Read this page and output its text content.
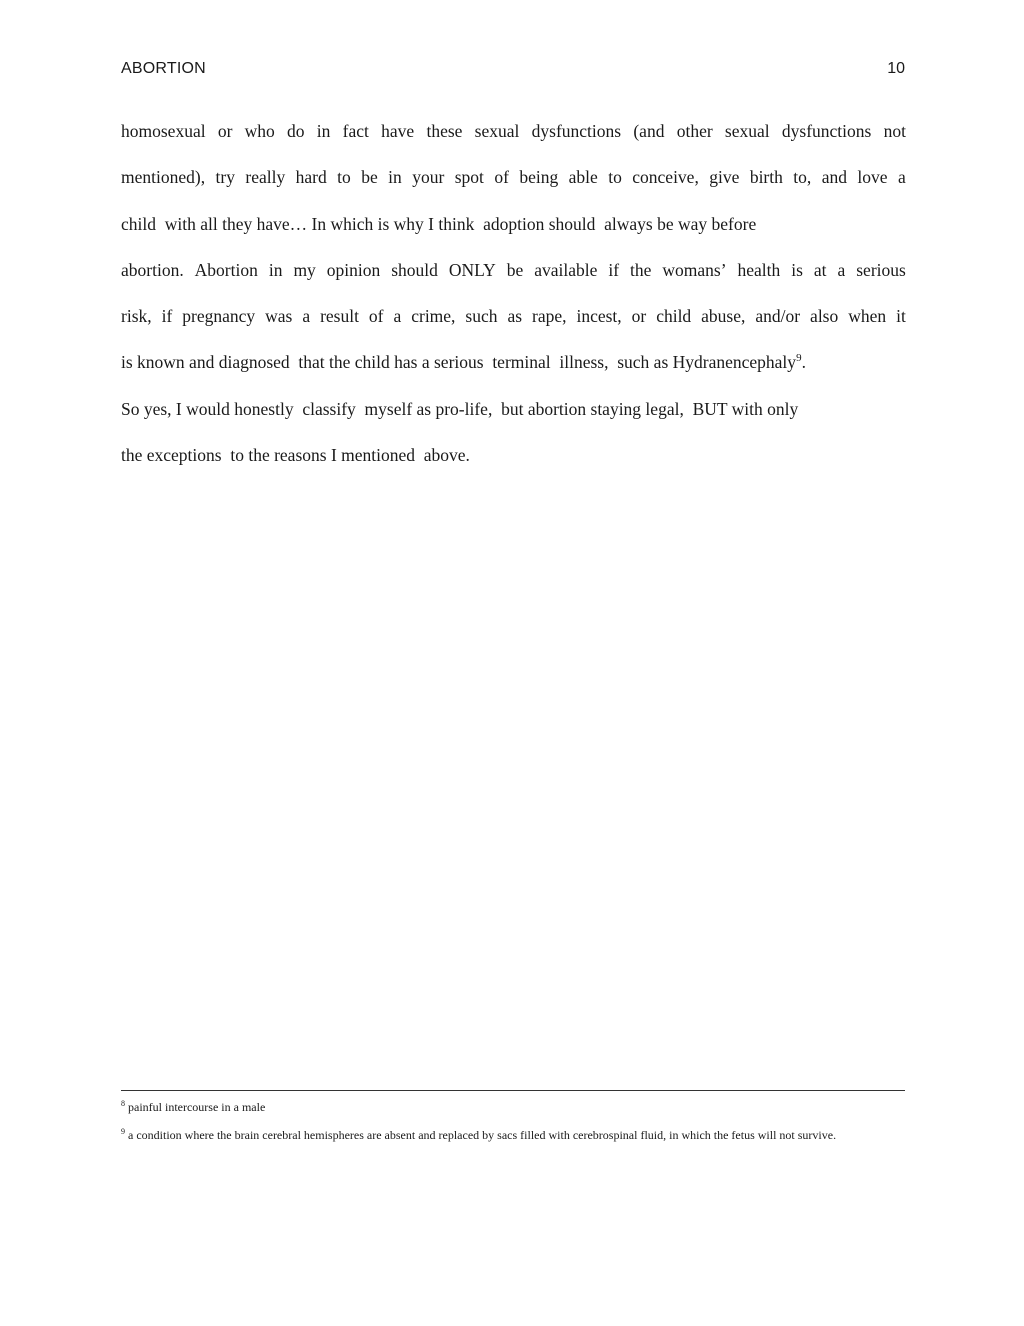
ABORTION	10
homosexual or who do in fact have these sexual dysfunctions (and other sexual dysfunctions not
mentioned), try really hard to be in your spot of being able to conceive, give birth to, and love a
child  with all they have… In which is why I think  adoption should  always be way before
abortion. Abortion in my opinion should ONLY be available if the womans’ health is at a serious
risk, if pregnancy was a result of a crime, such as rape, incest, or child abuse, and/or also when it
is known and diagnosed  that the child has a serious  terminal  illness,  such as Hydranencephaly$^9$.
So yes, I would honestly  classify  myself as pro-life,  but abortion staying legal,  BUT with only
the exceptions  to the reasons I mentioned  above.
$^8$ painful intercourse in a male
$^9$ a condition where the brain cerebral hemispheres are absent and replaced by sacs filled with cerebrospinal fluid, in which the fetus will not survive.
